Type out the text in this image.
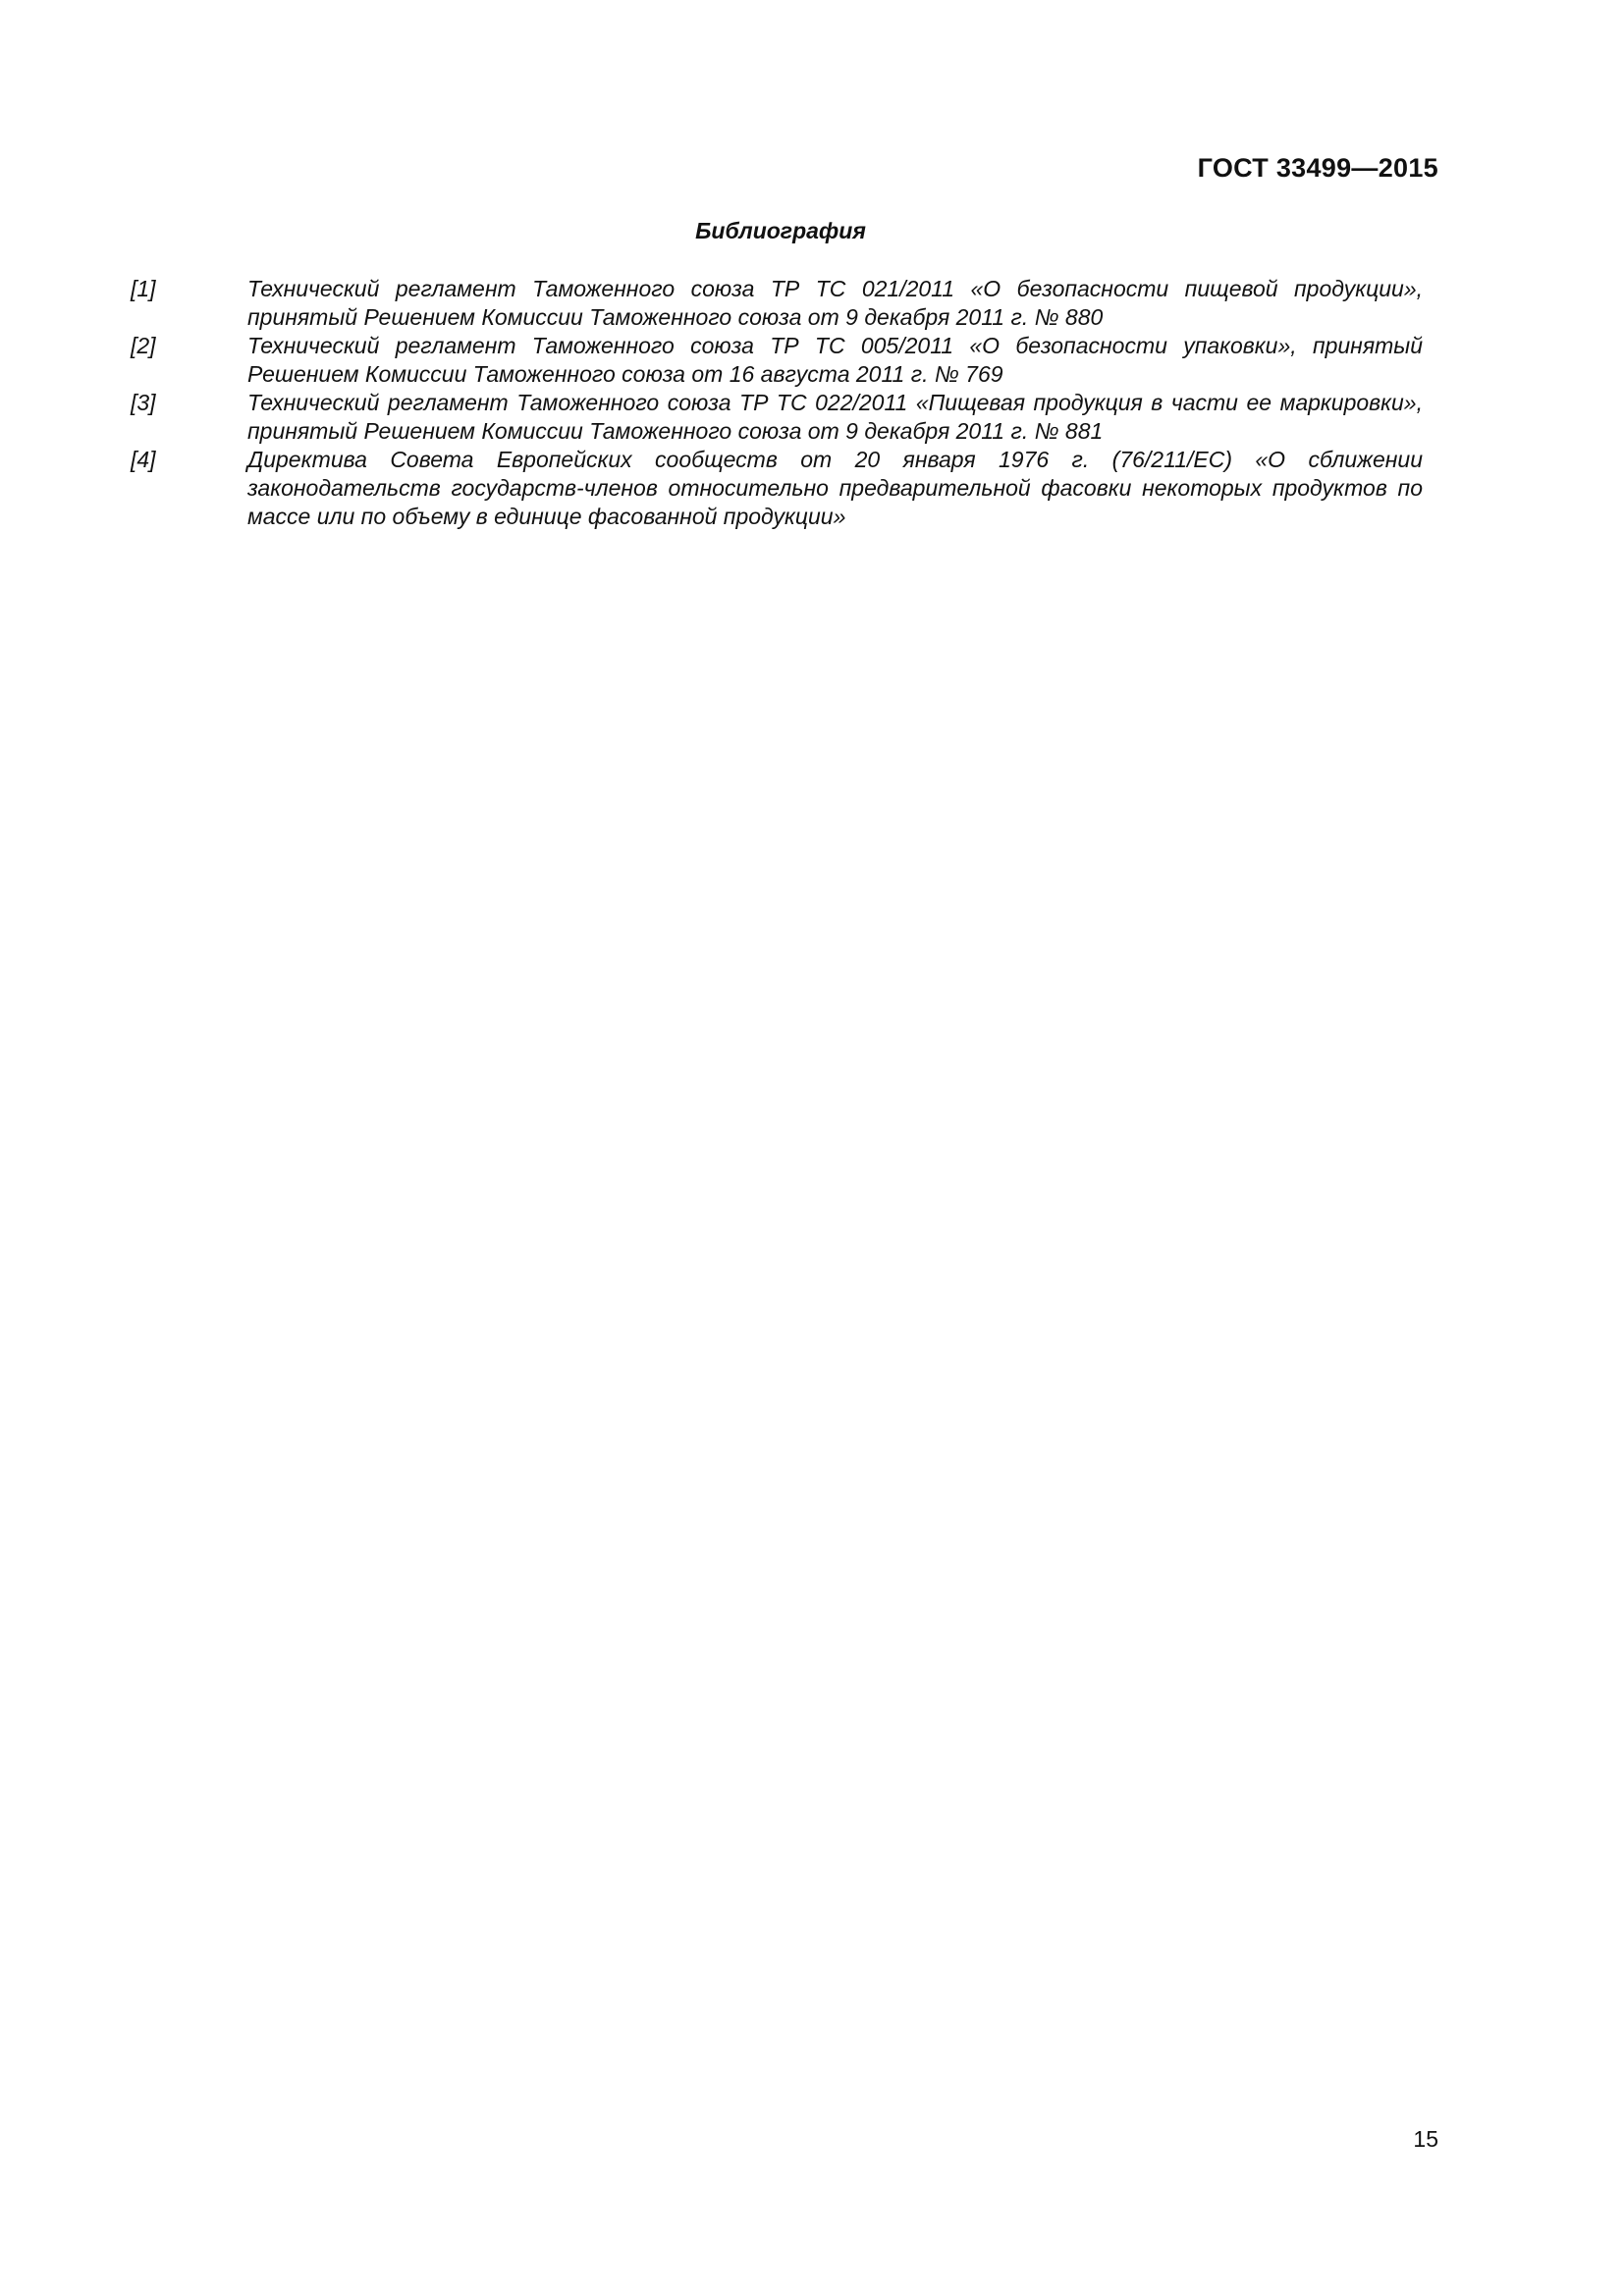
ГОСТ 33499—2015
Библиография
[1]	Технический регламент Таможенного союза ТР ТС 021/2011 «О безопасности пищевой продукции», принятый Решением Комиссии Таможенного союза от 9 декабря 2011 г. № 880
[2]	Технический регламент Таможенного союза ТР ТС 005/2011 «О безопасности упаковки», принятый Решением Комиссии Таможенного союза от 16 августа 2011 г. № 769
[3]	Технический регламент Таможенного союза ТР ТС 022/2011 «Пищевая продукция в части ее маркировки», принятый Решением Комиссии Таможенного союза от 9 декабря 2011 г. № 881
[4]	Директива Совета Европейских сообществ от 20 января 1976 г. (76/211/ЕС) «О сближении законодательств государств-членов относительно предварительной фасовки некоторых продуктов по массе или по объему в единице фасованной продукции»
15
